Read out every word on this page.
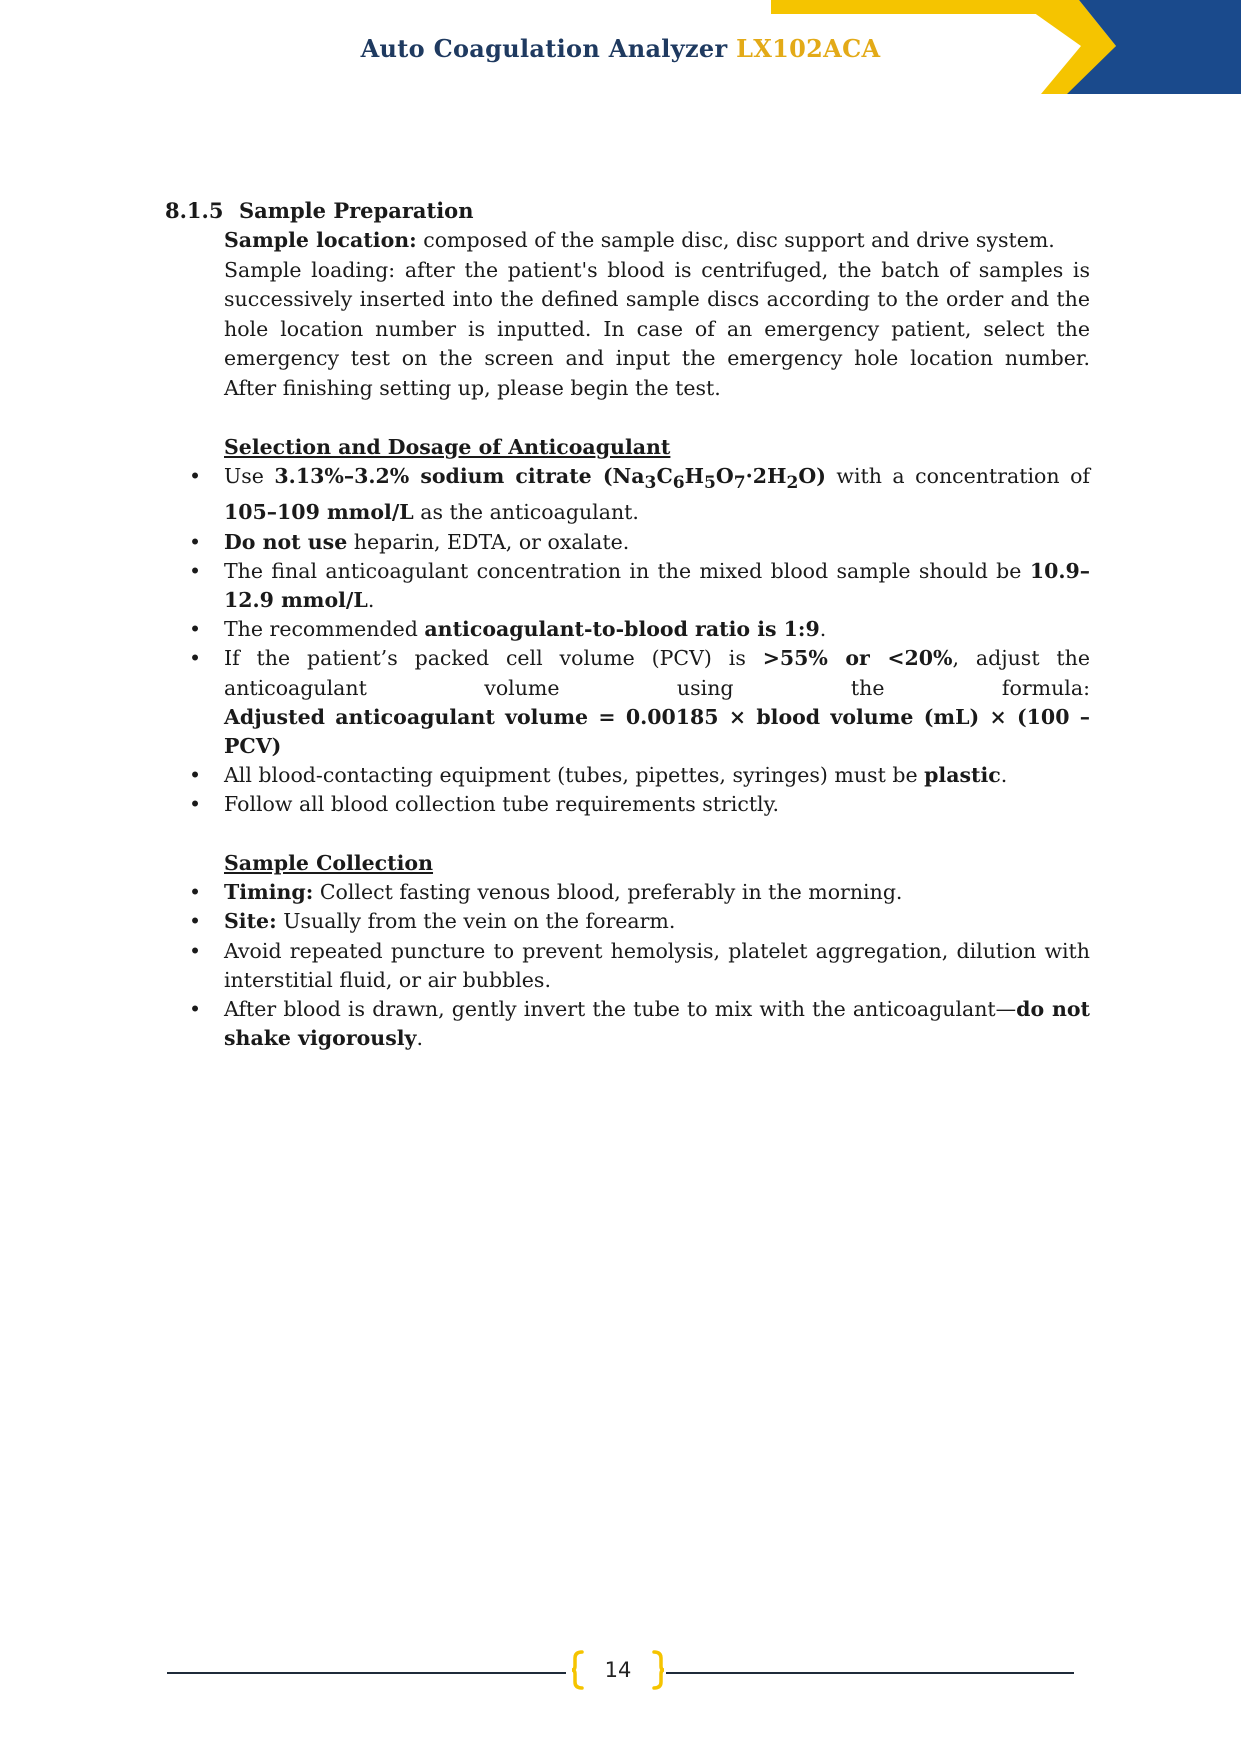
Auto Coagulation Analyzer LX102ACA
8.1.5 Sample Preparation
Sample location: composed of the sample disc, disc support and drive system.
Sample loading: after the patient's blood is centrifuged, the batch of samples is successively inserted into the defined sample discs according to the order and the hole location number is inputted. In case of an emergency patient, select the emergency test on the screen and input the emergency hole location number. After finishing setting up, please begin the test.
Selection and Dosage of Anticoagulant
• Use 3.13%–3.2% sodium citrate $(Na_3C_6H_5O_7\cdot 2H_2O)$ with a concentration of 105–109 mmol/L as the anticoagulant.
• Do not use heparin, EDTA, or oxalate.
• The final anticoagulant concentration in the mixed blood sample should be 10.9–12.9 mmol/L.
• The recommended anticoagulant-to-blood ratio is 1:9.
• If the patient’s packed cell volume (PCV) is >55% or <20%, adjust the anticoagulant volume using the formula:
Adjusted anticoagulant volume = 0.00185 × blood volume (mL) × (100 – PCV)
• All blood-contacting equipment (tubes, pipettes, syringes) must be plastic.
• Follow all blood collection tube requirements strictly.
Sample Collection
• Timing: Collect fasting venous blood, preferably in the morning.
• Site: Usually from the vein on the forearm.
• Avoid repeated puncture to prevent hemolysis, platelet aggregation, dilution with interstitial fluid, or air bubbles.
• After blood is drawn, gently invert the tube to mix with the anticoagulant—do not shake vigorously.
14
